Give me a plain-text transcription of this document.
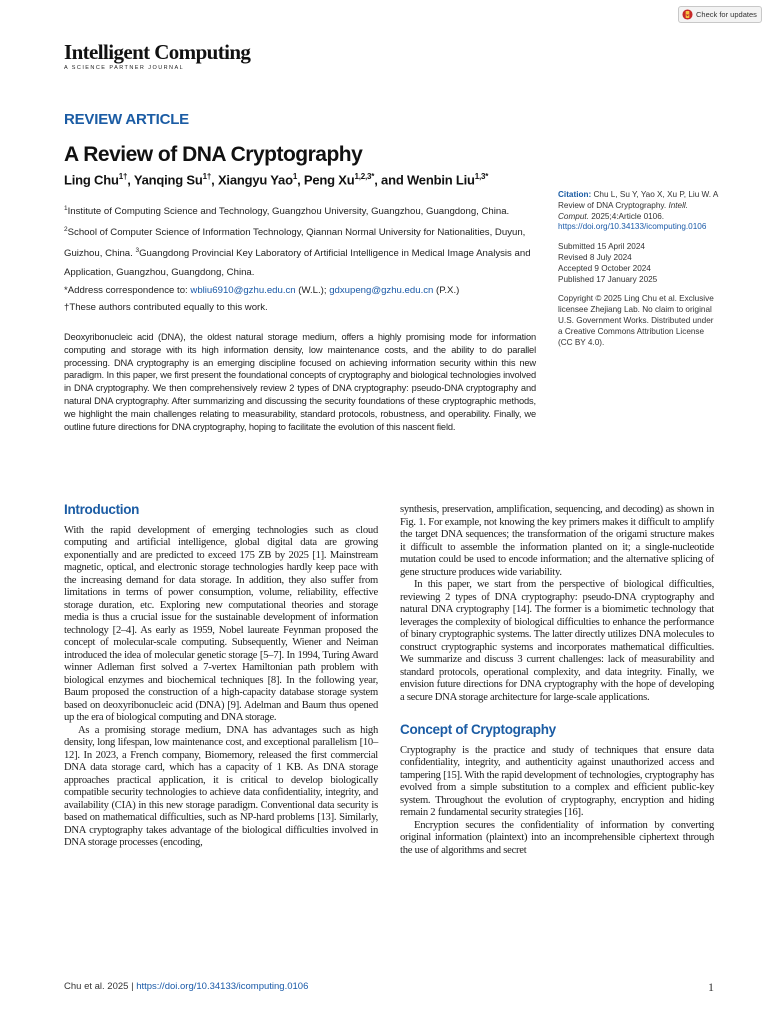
Check for updates
Intelligent Computing
A SCIENCE PARTNER JOURNAL
REVIEW ARTICLE
A Review of DNA Cryptography
Ling Chu$^{1\dagger}$, Yanqing $Su^{1\dagger}$, Xiangyu Yao$^1$, Peng $Xu^{1,2,3*}$, and Wenbin Liu$^{1,3*}$

$^1$Institute of Computing Science and Technology, Guangzhou University, Guangzhou, Guangdong, China.

$^2$School of Computer Science of Information Technology, Qiannan Normal University for Nationalities, Duyun, Guizhou, China. $^3$Guangdong Provincial Key Laboratory of Artificial Intelligence in Medical Image Analysis and Application, Guangzhou, Guangdong, China.

*Address correspondence to: wbliu6910@gzhu.edu.cn (W.L.); gdxupeng@gzhu.edu.cn (P.X.)

†These authors contributed equally to this work.

Deoxyribonucleic acid (DNA), the oldest natural storage medium, offers a highly promising mode for information computing and storage with its high information density, low maintenance costs, and the ability to do parallel processing. DNA cryptography is an emerging discipline focused on achieving information security within this new paradigm. In this paper, we first present the foundational concepts of cryptography and biological technologies involved in DNA cryptography. We then comprehensively review 2 types of DNA cryptography: pseudo-DNA cryptography and natural DNA cryptography. After summarizing and discussing the security foundations of these cryptographic methods, we highlight the main challenges relating to measurability, standard protocols, robustness, and operability. Finally, we outline future directions for DNA cryptography, hoping to facilitate the evolution of this nascent field.
Citation: Chu L, Su Y, Yao X, Xu P, Liu W. A Review of DNA Cryptography. Intell. Comput. 2025;4:Article 0106. https://doi.org/10.34133/icomputing.0106

Submitted 15 April 2024

Revised 8 July 2024

Accepted 9 October 2024

Published 17 January 2025

Copyright © 2025 Ling Chu et al. Exclusive licensee Zhejiang Lab. No claim to original U.S. Government Works. Distributed under a Creative Commons Attribution License (CC BY 4.0).

Introduction

With the rapid development of emerging technologies such as cloud computing and artificial intelligence, global digital data are growing exponentially and are predicted to exceed 175 ZB by 2025 [1]. Mainstream magnetic, optical, and electronic storage technologies hardly keep pace with the increasing demand for data storage. In addition, they also suffer from limitations in terms of power consumption, volume, reliability, effective storage duration, etc. Exploring new computational theories and storage media is thus a crucial issue for the sustainable development of information technology [2–4]. As early as 1959, Nobel laureate Feynman proposed the concept of molecular-scale computing. Subsequently, Wiener and Neiman introduced the idea of molecular genetic storage [5–7]. In 1994, Turing Award winner Adleman first solved a 7-vertex Hamiltonian path problem with biological enzymes and biochemical techniques [8]. In the following year, Baum proposed the construction of a high-capacity database storage system based on deoxyribonucleic acid (DNA) [9]. Adelman and Baum thus opened up the era of biological computing and DNA storage.

As a promising storage medium, DNA has advantages such as high density, long lifespan, low maintenance cost, and exceptional parallelism [10–12]. In 2023, a French company, Biomemory, released the first commercial DNA data storage card, which has a capacity of 1 KB. As DNA storage approaches practical application, it is critical to develop biologically compatible security technologies to achieve data confidentiality, integrity, and availability (CIA) in this new storage paradigm. Conventional data security is based on mathematical difficulties, such as NP-hard problems [13]. Similarly, DNA cryptography takes advantage of the biological difficulties involved in DNA storage processes (encoding,

synthesis, preservation, amplification, sequencing, and decoding) as shown in Fig. 1. For example, not knowing the key primers makes it difficult to amplify the target DNA sequences; the transformation of the origami structure makes it difficult to assemble the information planted on it; a single-nucleotide mutation could be used to encode information; and the alternative splicing of gene structure produces wide variability.

In this paper, we start from the perspective of biological difficulties, reviewing 2 types of DNA cryptography: pseudo-DNA cryptography and natural DNA cryptography [14]. The former is a biomimetic technology that leverages the complexity of biological difficulties to enhance the performance of binary cryptographic systems. The latter directly utilizes DNA molecules to construct cryptographic systems and incorporates mathematical difficulties. We summarize and discuss 3 current challenges: lack of measurability and standard protocols, operational complexity, and data integrity. Finally, we envision future directions for DNA cryptography with the hope of developing a secure DNA storage architecture for large-scale applications.

Concept of Cryptography

Cryptography is the practice and study of techniques that ensure data confidentiality, integrity, and authenticity against unauthorized access and tampering [15]. With the rapid development of technologies, cryptography has evolved from a simple substitution to a complex and efficient public-key system. Throughout the evolution of cryptography, encryption and hiding remain 2 fundamental security strategies [16].

Encryption secures the confidentiality of information by converting original information (plaintext) into an incomprehensible ciphertext through the use of algorithms and secret

Chu et al. 2025 | https://doi.org/10.34133/icomputing.0106	1
